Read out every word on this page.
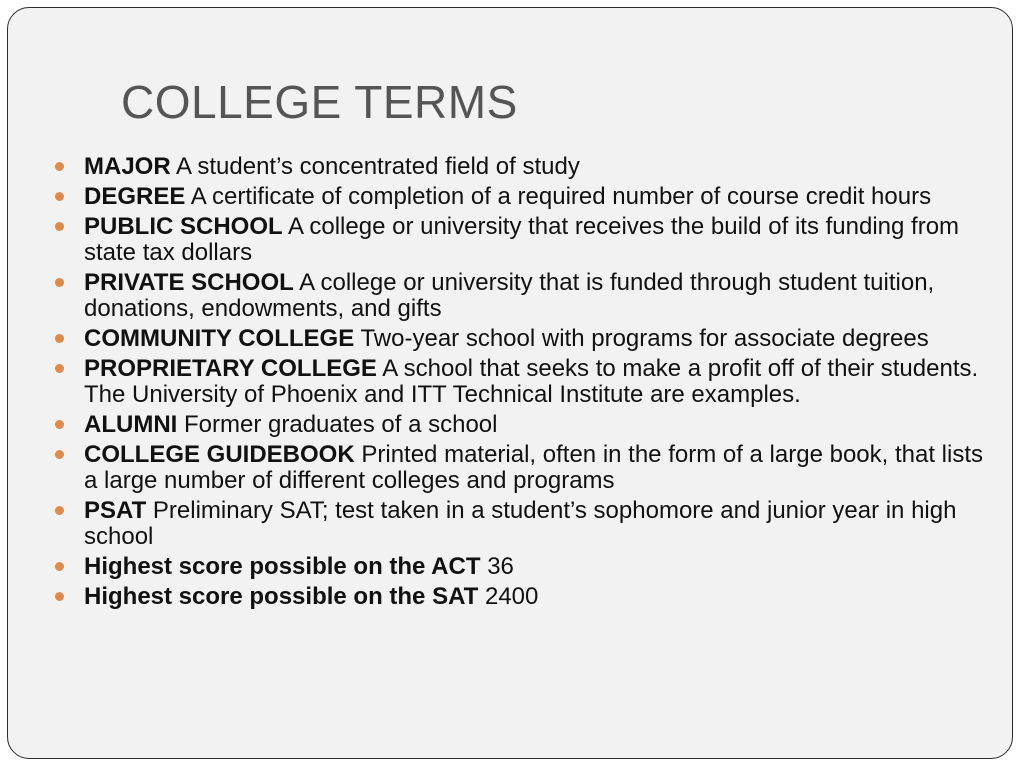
COLLEGE TERMS
MAJOR A student’s concentrated field of study
DEGREE A certificate of completion of a required number of course credit hours
PUBLIC SCHOOL A college or university that receives the build of its funding from state tax dollars
PRIVATE SCHOOL A college or university that is funded through student tuition, donations, endowments, and gifts
COMMUNITY COLLEGE Two-year school with programs for associate degrees
PROPRIETARY COLLEGE A school that seeks to make a profit off of their students. The University of Phoenix and ITT Technical Institute are examples.
ALUMNI Former graduates of a school
COLLEGE GUIDEBOOK Printed material, often in the form of a large book, that lists a large number of different colleges and programs
PSAT Preliminary SAT; test taken in a student’s sophomore and junior year in high school
Highest score possible on the ACT 36
Highest score possible on the SAT 2400
